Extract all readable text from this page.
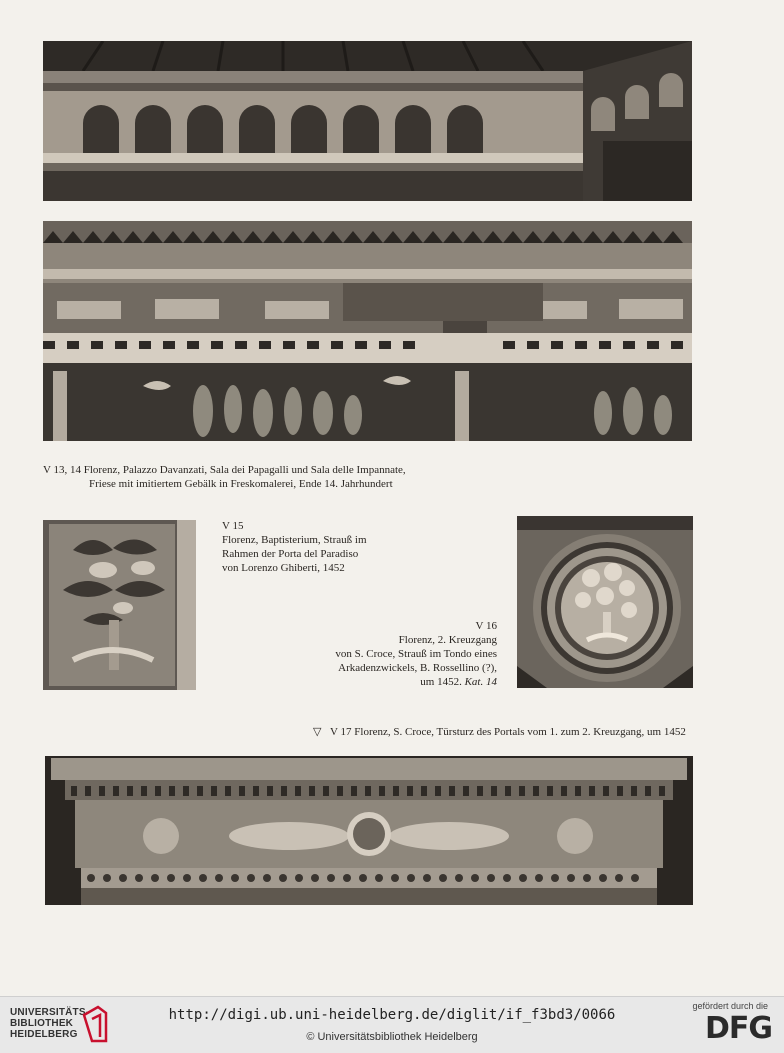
V 13, 14 Florenz, Palazzo Davanzati, Sala dei Papagalli und Sala delle Impannate,
Friese mit imitiertem Gebälk in Freskomalerei, Ende 14. Jahrhundert
V 15
Florenz, Baptisterium, Strauß im
Rahmen der Porta del Paradiso
von Lorenzo Ghiberti, 1452
V 16
Florenz, 2. Kreuzgang
von S. Croce, Strauß im Tondo eines
Arkadenzwickels, B. Rossellino (?),
um 1452. Kat. 14
▽ V 17 Florenz, S. Croce, Türsturz des Portals vom 1. zum 2. Kreuzgang, um 1452
UNIVERSITÄTS-
BIBLIOTHEK
HEIDELBERG
http://digi.ub.uni-heidelberg.de/diglit/if_f3bd3/0066
© Universitätsbibliothek Heidelberg
gefördert durch die
DFG
